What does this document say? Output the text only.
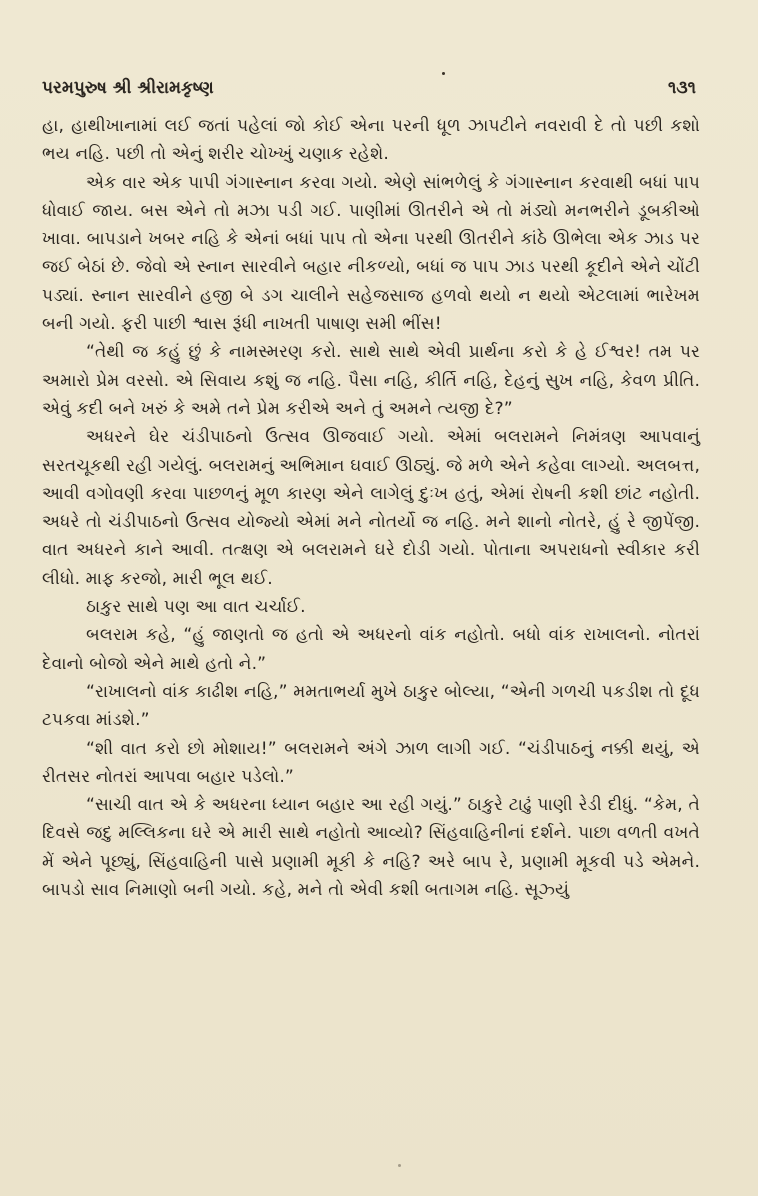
પરમપુરુષ શ્રી શ્રીરામકૃષ્ણ	૧૩૧

હા, હાથીખાનામાં લઈ જતાં પહેલાં જો કોઈ એના પરની ધૂળ ઝાપટીને નવરાવી દે તો પછી કશો ભય નહિ. પછી તો એનું શરીર ચોખ્ખું ચણાક રહેશે.

એક વાર એક પાપી ગંગાસ્નાન કરવા ગયો. એણે સાંભળેલું કે ગંગાસ્નાન કરવાથી બધાં પાપ ધોવાઈ જાય. બસ એને તો મઝા પડી ગઈ. પાણીમાં ઊતરીને એ તો મંડ્યો મનભરીને ડૂબકીઓ ખાવા. બાપડાને ખબર નહિ કે એનાં બધાં પાપ તો એના પરથી ઊતરીને કાંઠે ઊભેલા એક ઝાડ પર જઈ બેઠાં છે. જેવો એ સ્નાન સારવીને બહાર નીકળ્યો, બધાં જ પાપ ઝાડ પરથી કૂદીને એને ચોંટી પડ્યાં. સ્નાન સારવીને હજી બે ડગ ચાલીને સહેજસાજ હળવો થયો ન થયો એટલામાં ભારેખમ બની ગયો. ફરી પાછી શ્વાસ રૂંધી નાખતી પાષાણ સમી ભીંસ!

“તેથી જ કહું છું કે નામસ્મરણ કરો. સાથે સાથે એવી પ્રાર્થના કરો કે હે ઈશ્વર! તમ પર અમારો પ્રેમ વરસો. એ સિવાય કશું જ નહિ. પૈસા નહિ, કીર્તિ નહિ, દેહનું સુખ નહિ, કેવળ પ્રીતિ. એવું કદી બને ખરું કે અમે તને પ્રેમ કરીએ અને તું અમને ત્યજી દે?”

અધરને ઘેર ચંડીપાઠનો ઉત્સવ ઊજવાઈ ગયો. એમાં બલરામને નિમંત્રણ આપવાનું સરતચૂકથી રહી ગયેલું. બલરામનું અભિમાન ઘવાઈ ઊઠ્યું. જે મળે એને કહેવા લાગ્યો. અલબત્ત, આવી વગોવણી કરવા પાછળનું મૂળ કારણ એને લાગેલું દુઃખ હતું, એમાં રોષની કશી છાંટ નહોતી. અધરે તો ચંડીપાઠનો ઉત્સવ યોજ્યો એમાં મને નોતર્યો જ નહિ. મને શાનો નોતરે, હું રે જીપેંજી. વાત અધરને કાને આવી. તત્ક્ષણ એ બલરામને ઘરે દોડી ગયો. પોતાના અપરાધનો સ્વીકાર કરી લીધો. માફ કરજો, મારી ભૂલ થઈ.

ઠાકુર સાથે પણ આ વાત ચર્ચાઈ.

બલરામ કહે, “હું જાણતો જ હતો એ અધરનો વાંક નહોતો. બધો વાંક રાખાલનો. નોતરાં દેવાનો બોજો એને માથે હતો ને.”

“રાખાલનો વાંક કાઢીશ નહિ,” મમતાભર્યા મુખે ઠાકુર બોલ્યા, “એની ગળચી પકડીશ તો દૂધ ટપકવા માંડશે.”

“શી વાત કરો છો મોશાય!” બલરામને અંગે ઝાળ લાગી ગઈ. “ચંડીપાઠનું નક્કી થયું, એ રીતસર નોતરાં આપવા બહાર પડેલો.”

“સાચી વાત એ કે અધરના ધ્યાન બહાર આ રહી ગયું.” ઠાકુરે ટાઢું પાણી રેડી દીધું. “કેમ, તે દિવસે જદુ મલ્લિકના ઘરે એ મારી સાથે નહોતો આવ્યો? સિંહવાહિનીનાં દર્શને. પાછા વળતી વખતે મેં એને પૂછ્યું, સિંહવાહિની પાસે પ્રણામી મૂકી કે નહિ? અરે બાપ રે, પ્રણામી મૂકવી પડે એમને. બાપડો સાવ નિમાણો બની ગયો. કહે, મને તો એવી કશી બતાગમ નહિ. સૂઝ્યું
